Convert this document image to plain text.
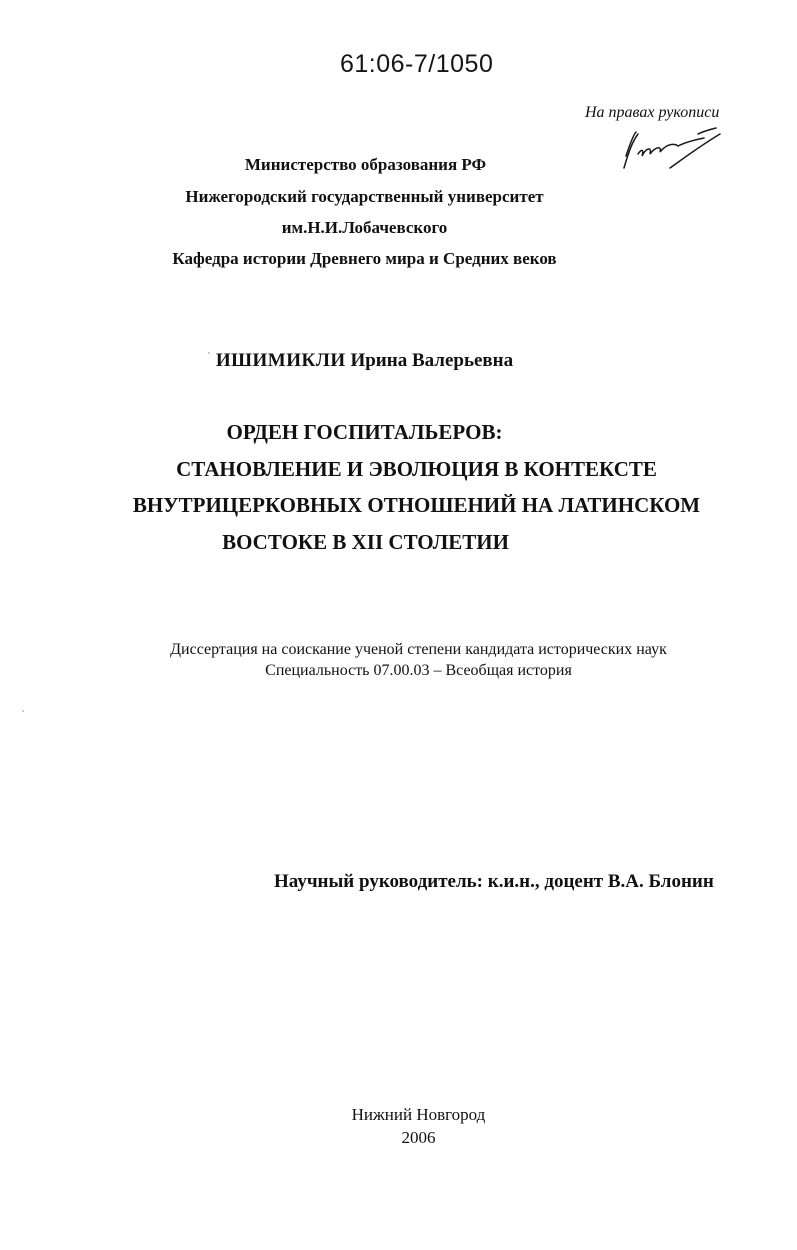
61:06-7/1050
На правах рукописи
Министерство образования РФ
Нижегородский государственный университет
им.Н.И.Лобачевского
Кафедра истории Древнего мира и Средних веков
ИШИМИКЛИ Ирина Валерьевна
ОРДЕН ГОСПИТАЛЬЕРОВ:
СТАНОВЛЕНИЕ И ЭВОЛЮЦИЯ В КОНТЕКСТЕ
ВНУТРИЦЕРКОВНЫХ ОТНОШЕНИЙ НА ЛАТИНСКОМ
ВОСТОКЕ В XII СТОЛЕТИИ
Диссертация на соискание ученой степени кандидата исторических наук
Специальность 07.00.03 – Всеобщая история
Научный руководитель: к.и.н., доцент В.А. Блонин
Нижний Новгород
2006
